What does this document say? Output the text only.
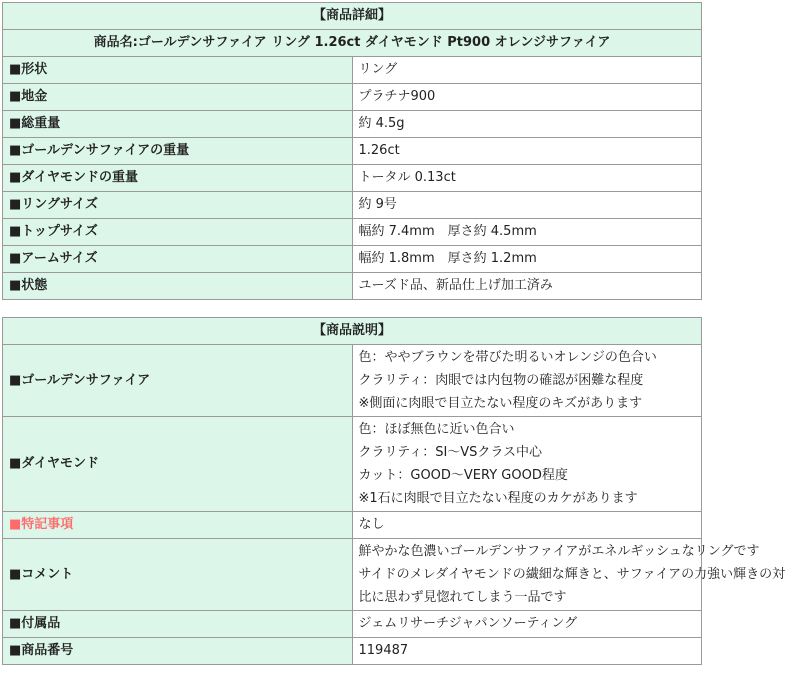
【商品詳細】	
商品名:ゴールデンサファイア リング 1.26ct ダイヤモンド Pt900 オレンジサファイア	
■形状	リング
■地金	プラチナ900
■総重量	約 4.5g
■ゴールデンサファイアの重量	1.26ct
■ダイヤモンドの重量	トータル 0.13ct
■リングサイズ	約 9号
■トップサイズ	幅約 7.4mm　厚さ約 4.5mm
■アームサイズ	幅約 1.8mm　厚さ約 1.2mm
■状態	ユーズド品、新品仕上げ加工済み
【商品説明】	
■ゴールデンサファイア	色：ややブラウンを帯びた明るいオレンジの色合い
クラリティ：肉眼では内包物の確認が困難な程度
※側面に肉眼で目立たない程度のキズがあります

■ダイヤモンド	色：ほぼ無色に近い色合い
クラリティ：SI～VSクラス中心
カット：GOOD～VERY GOOD程度
※1石に肉眼で目立たない程度のカケがあります

■特記事項	なし
■コメント	鮮やかな色濃いゴールデンサファイアがエネルギッシュなリングです
サイドのメレダイヤモンドの繊細な輝きと、サファイアの力強い輝きの対
比に思わず見惚れてしまう一品です

■付属品	ジェムリサーチジャパンソーティング
■商品番号	119487
